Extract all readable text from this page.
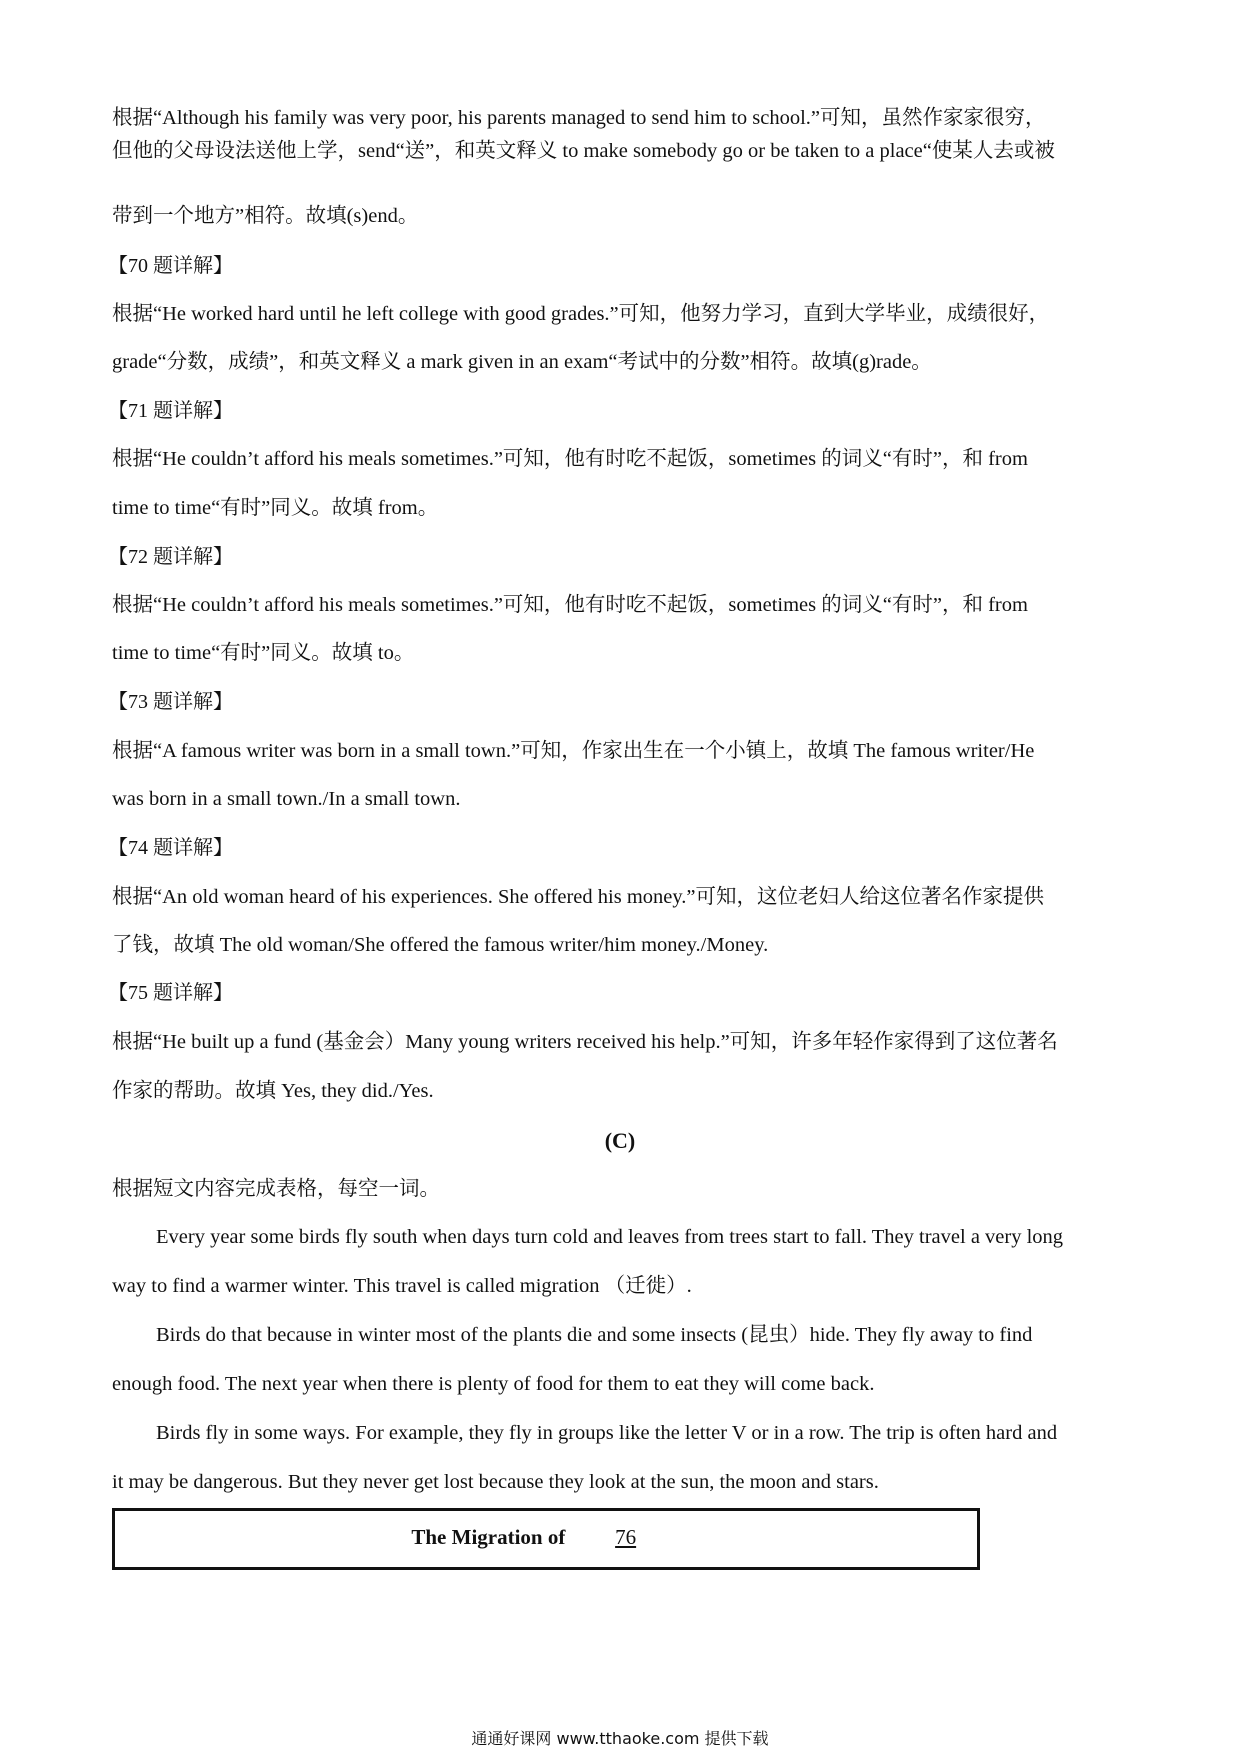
根据“Although his family was very poor, his parents managed to send him to school.”可知，虽然作家家很穷，
但他的父母设法送他上学，send“送”，和英文释义 to make somebody go or be taken to a place“使某人去或被
带到一个地方”相符。故填(s)end。
【70 题详解】
根据“He worked hard until he left college with good grades.”可知，他努力学习，直到大学毕业，成绩很好，
grade“分数，成绩”，和英文释义 a mark given in an exam“考试中的分数”相符。故填(g)rade。
【71 题详解】
根据“He couldn’t afford his meals sometimes.”可知，他有时吃不起饭，sometimes 的词义“有时”，和 from
time to time“有时”同义。故填 from。
【72 题详解】
根据“He couldn’t afford his meals sometimes.”可知，他有时吃不起饭，sometimes 的词义“有时”，和 from
time to time“有时”同义。故填 to。
【73 题详解】
根据“A famous writer was born in a small town.”可知，作家出生在一个小镇上，故填 The famous writer/He
was born in a small town./In a small town.
【74 题详解】
根据“An old woman heard of his experiences. She offered his money.”可知，这位老妇人给这位著名作家提供
了钱，故填 The old woman/She offered the famous writer/him money./Money.
【75 题详解】
根据“He built up a fund (基金会）Many young writers received his help.”可知，许多年轻作家得到了这位著名
作家的帮助。故填 Yes, they did./Yes.
(C)
根据短文内容完成表格，每空一词。
Every year some birds fly south when days turn cold and leaves from trees start to fall. They travel a very long
way to find a warmer winter. This travel is called migration （迁徙）.
Birds do that because in winter most of the plants die and some insects (昆虫）hide. They fly away to find
enough food. The next year when there is plenty of food for them to eat they will come back.
Birds fly in some ways. For example, they fly in groups like the letter V or in a row. The trip is often hard and
it may be dangerous. But they never get lost because they look at the sun, the moon and stars.
The Migration of 76
通通好课网 www.tthaoke.com 提供下载
